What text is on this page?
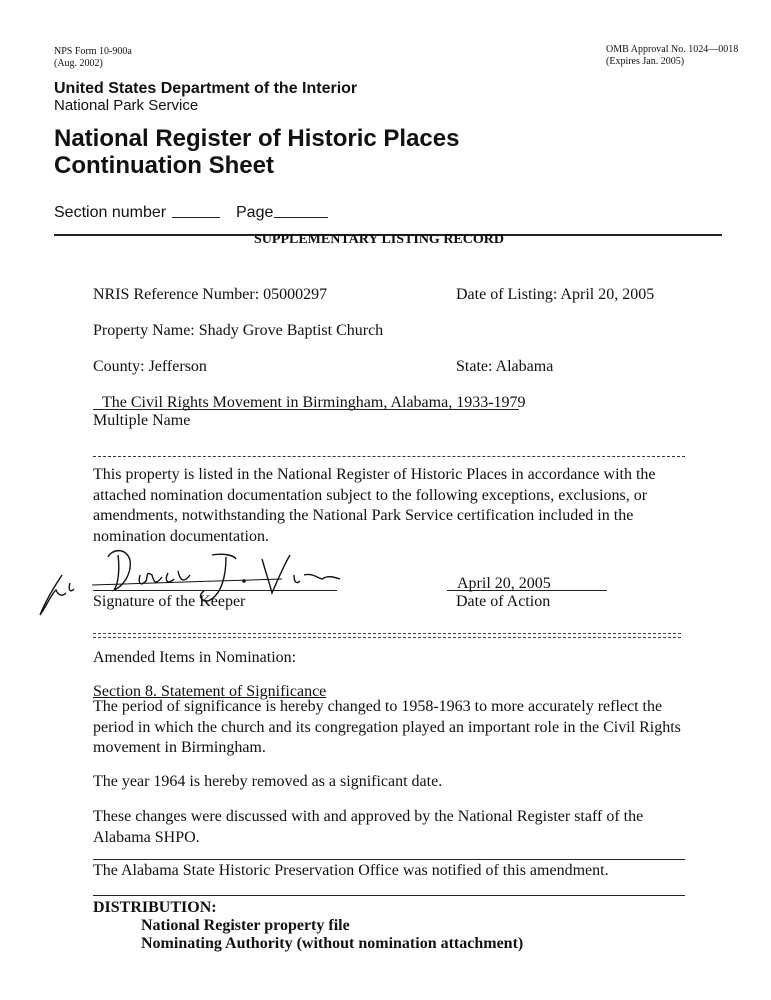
NPS Form 10-900a
(Aug. 2002)
OMB Approval No. 1024—0018
(Expires Jan. 2005)
United States Department of the Interior
National Park Service
National Register of Historic Places
Continuation Sheet
Section number	Page
SUPPLEMENTARY LISTING RECORD
NRIS Reference Number: 05000297	Date of Listing: April 20, 2005
Property Name: Shady Grove Baptist Church
County: Jefferson	State: Alabama
The Civil Rights Movement in Birmingham, Alabama, 1933-1979
Multiple Name
This property is listed in the National Register of Historic Places in accordance with the attached nomination documentation subject to the following exceptions, exclusions, or amendments, notwithstanding the National Park Service certification included in the nomination documentation.
Signature of the Keeper
April 20, 2005
Date of Action
Amended Items in Nomination:
Section 8. Statement of Significance
The period of significance is hereby changed to 1958-1963 to more accurately reflect the period in which the church and its congregation played an important role in the Civil Rights movement in Birmingham.
The year 1964 is hereby removed as a significant date.
These changes were discussed with and approved by the National Register staff of the Alabama SHPO.
The Alabama State Historic Preservation Office was notified of this amendment.
DISTRIBUTION:
National Register property file
Nominating Authority (without nomination attachment)
